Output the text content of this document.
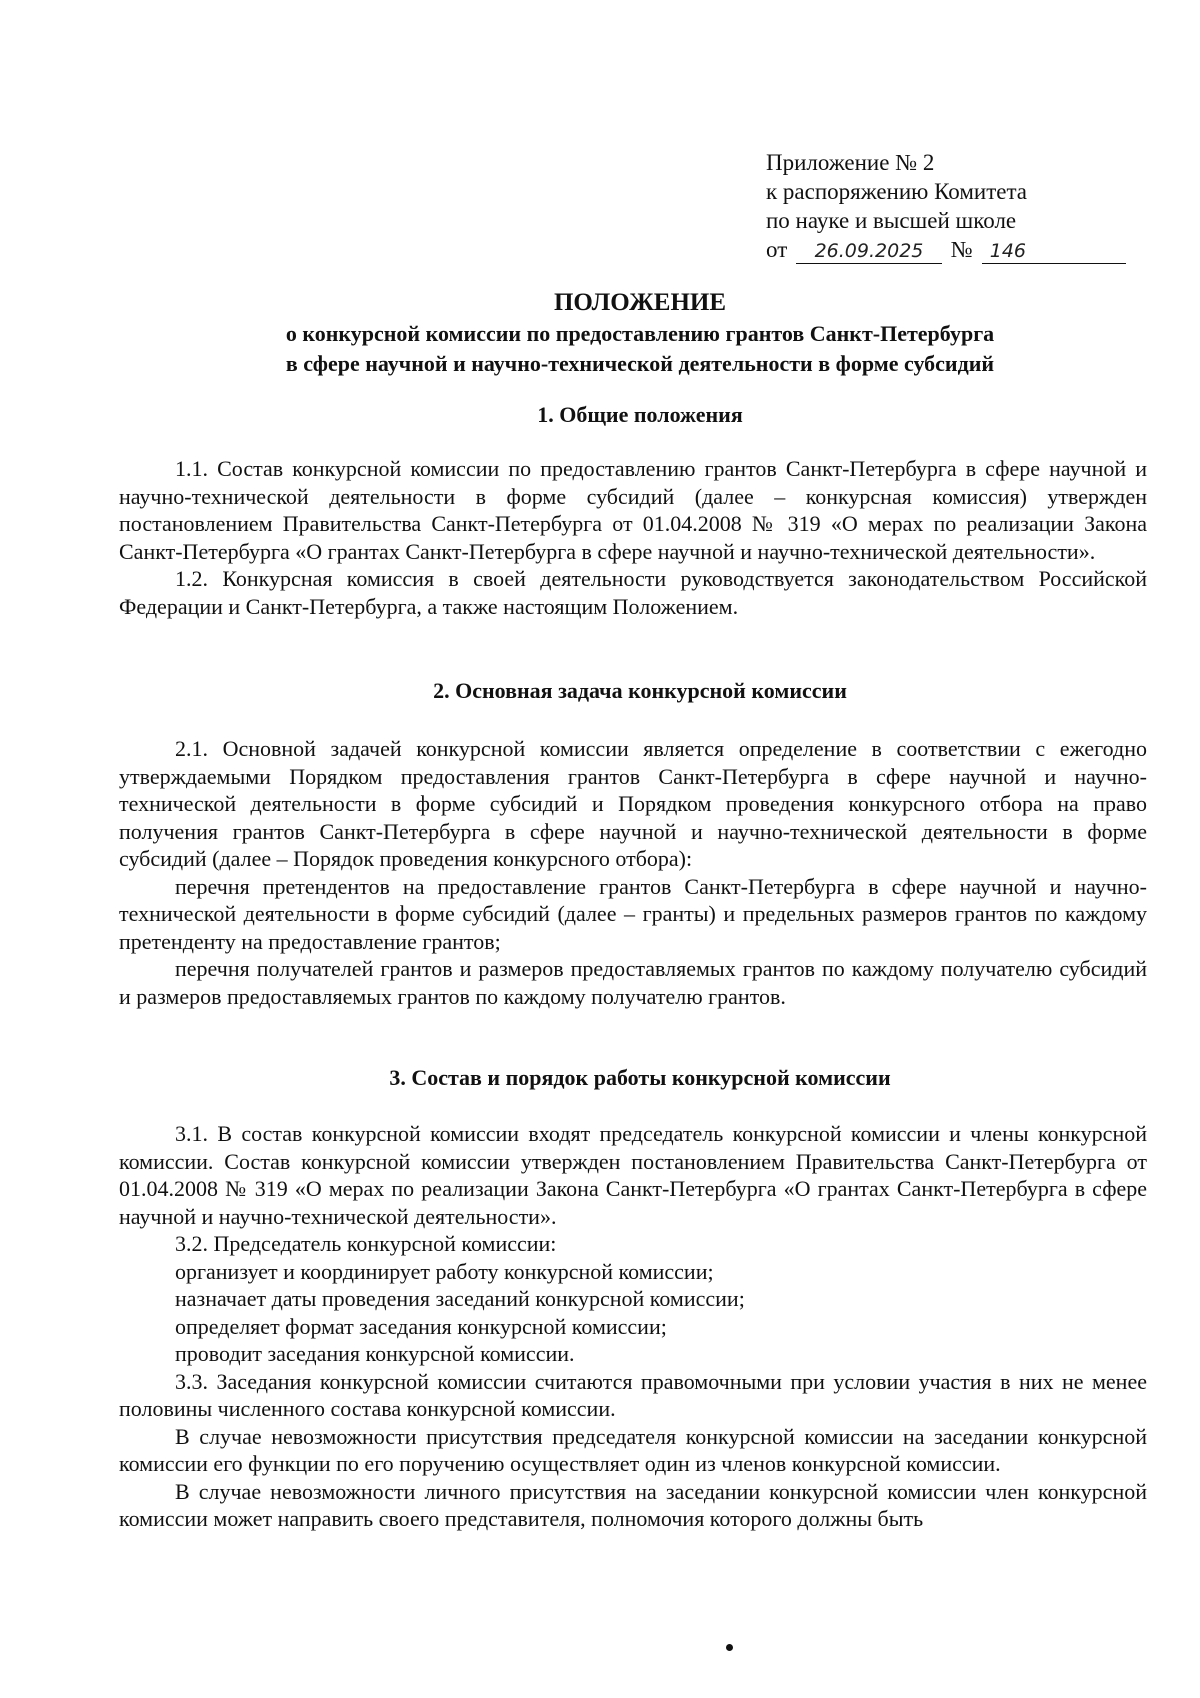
Приложение № 2
к распоряжению Комитета
по науке и высшей школе
от	26.09.2025	№ 146
ПОЛОЖЕНИЕ
о конкурсной комиссии по предоставлению грантов Санкт-Петербурга
в сфере научной и научно-технической деятельности в форме субсидий
1. Общие положения

1.1. Состав конкурсной комиссии по предоставлению грантов Санкт-Петербурга в сфере научной и научно-технической деятельности в форме субсидий (далее – конкурсная комиссия) утвержден постановлением Правительства Санкт-Петербурга от 01.04.2008 № 319 «О мерах по реализации Закона Санкт-Петербурга «О грантах Санкт-Петербурга в сфере научной и научно-технической деятельности».

1.2. Конкурсная комиссия в своей деятельности руководствуется законодательством Российской Федерации и Санкт-Петербурга, а также настоящим Положением.

2. Основная задача конкурсной комиссии

2.1. Основной задачей конкурсной комиссии является определение в соответствии с ежегодно утверждаемыми Порядком предоставления грантов Санкт-Петербурга в сфере научной и научно-технической деятельности в форме субсидий и Порядком проведения конкурсного отбора на право получения грантов Санкт-Петербурга в сфере научной и научно-технической деятельности в форме субсидий (далее – Порядок проведения конкурсного отбора):

перечня претендентов на предоставление грантов Санкт-Петербурга в сфере научной и научно-технической деятельности в форме субсидий (далее – гранты) и предельных размеров грантов по каждому претенденту на предоставление грантов;

перечня получателей грантов и размеров предоставляемых грантов по каждому получателю субсидий и размеров предоставляемых грантов по каждому получателю грантов.

3. Состав и порядок работы конкурсной комиссии

3.1. В состав конкурсной комиссии входят председатель конкурсной комиссии и члены конкурсной комиссии. Состав конкурсной комиссии утвержден постановлением Правительства Санкт-Петербурга от 01.04.2008 № 319 «О мерах по реализации Закона Санкт-Петербурга «О грантах Санкт-Петербурга в сфере научной и научно-технической деятельности».

3.2. Председатель конкурсной комиссии:

организует и координирует работу конкурсной комиссии;

назначает даты проведения заседаний конкурсной комиссии;

определяет формат заседания конкурсной комиссии;

проводит заседания конкурсной комиссии.

3.3. Заседания конкурсной комиссии считаются правомочными при условии участия в них не менее половины численного состава конкурсной комиссии.

В случае невозможности присутствия председателя конкурсной комиссии на заседании конкурсной комиссии его функции по его поручению осуществляет один из членов конкурсной комиссии.

В случае невозможности личного присутствия на заседании конкурсной комиссии член конкурсной комиссии может направить своего представителя, полномочия которого должны быть
